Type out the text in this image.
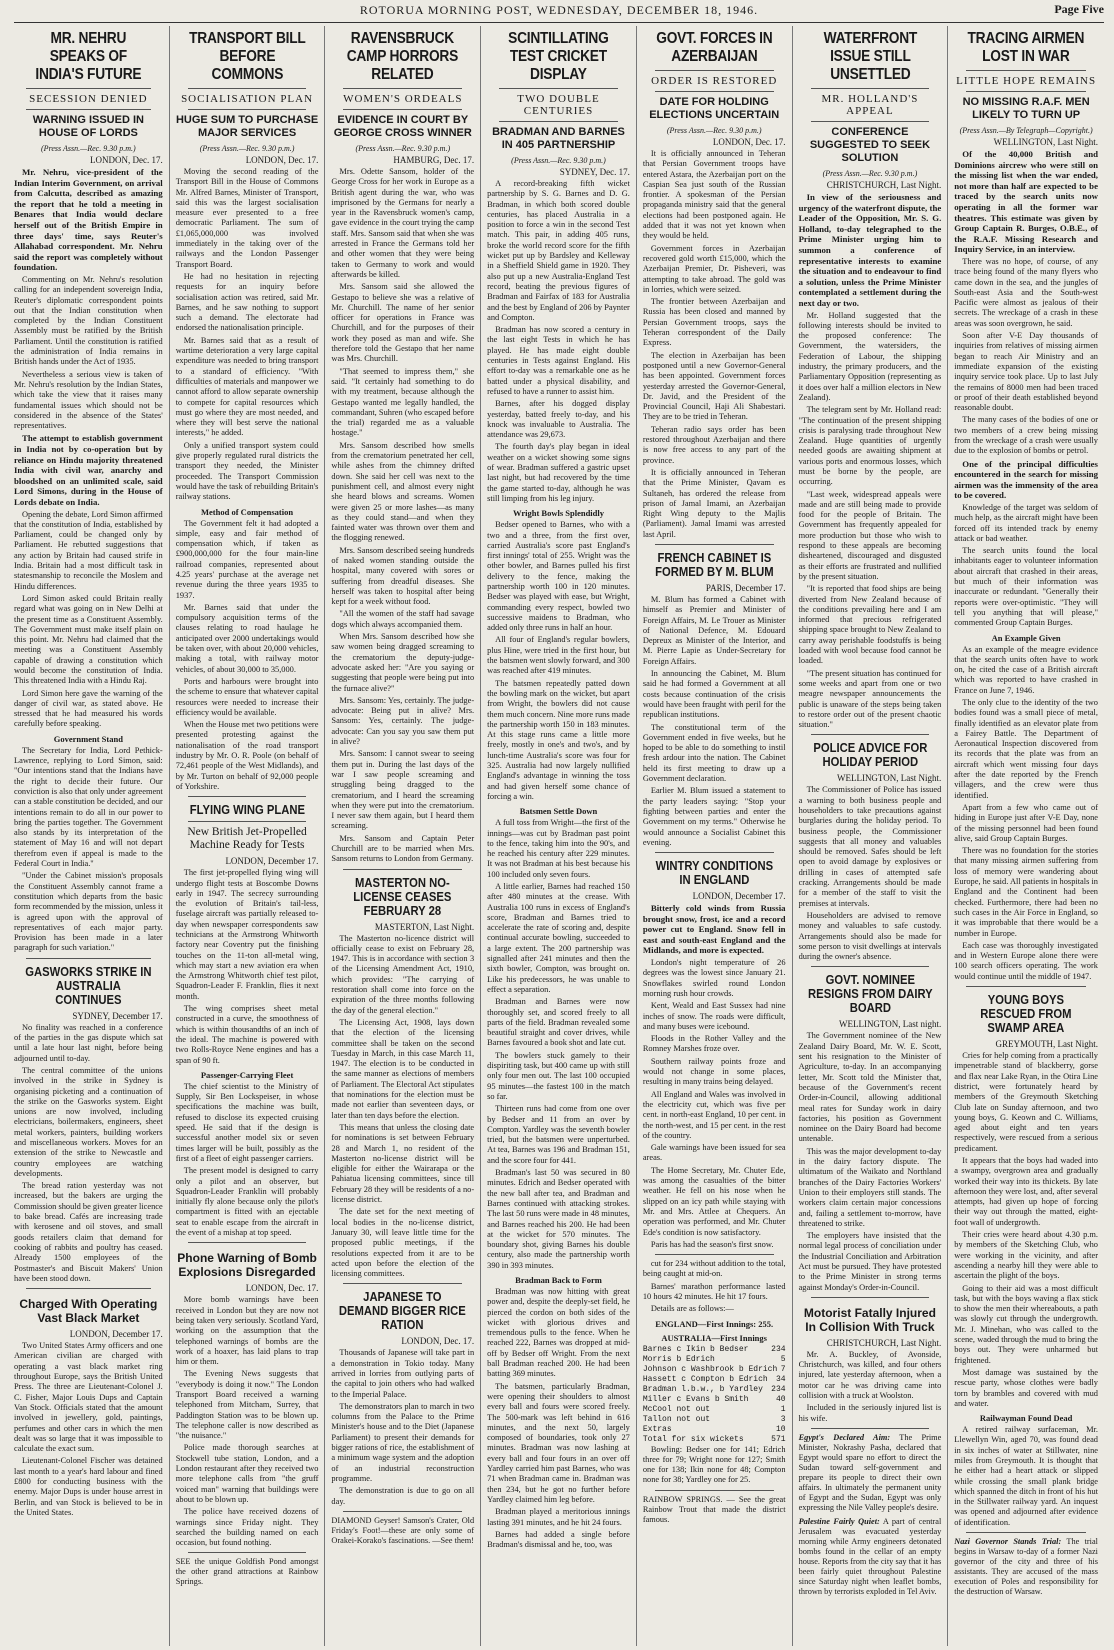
ROTORUA MORNING POST, WEDNESDAY, DECEMBER 18, 1946.	Page Five
MR. NEHRU SPEAKS OF INDIA'S FUTURE
SECESSION DENIED
WARNING ISSUED IN HOUSE OF LORDS
(Press Assn.—Rec. 9.30 p.m.)
LONDON, Dec. 17.

Mr. Nehru, vice-president of the Indian Interim Government, on arrival from Calcutta, described as amazing the report that he told a meeting in Benares that India would declare herself out of the British Empire in three days' time, says Reuter's Allahabad correspondent. Mr. Nehru said the report was completely without foundation.

Commenting on Mr. Nehru's resolution calling for an independent sovereign India, Reuter's diplomatic correspondent points out that the Indian constitution when completed by the Indian Constituent Assembly must be ratified by the British Parliament. Until the constitution is ratified the administration of India remains in British hands under the Act of 1935.

Nevertheless a serious view is taken of Mr. Nehru's resolution by the Indian States, which take the view that it raises many fundamental issues which should not be considered in the absence of the States' representatives.

The attempt to establish government in India not by co-operation but by reliance on Hindu majority threatened India with civil war, anarchy and bloodshed on an unlimited scale, said Lord Simons, during in the House of Lords debate on India.

Opening the debate, Lord Simon affirmed that the constitution of India, established by Parliament, could be changed only by Parliament. He rebutted suggestions that any action by Britain had caused strife in India. Britain had a most difficult task in statesmanship to reconcile the Moslem and Hindu differences.

Lord Simon asked could Britain really regard what was going on in New Delhi at the present time as a Constituent Assembly. The Government must make itself plain on this point. Mr. Nehru had claimed that the meeting was a Constituent Assembly capable of drawing a constitution which would become the constitution of India. This threatened India with a Hindu Raj.

Lord Simon here gave the warning of the danger of civil war, as stated above. He stressed that he had measured his words carefully before speaking.

Government Stand

The Secretary for India, Lord Pethick-Lawrence, replying to Lord Simon, said: "Our intentions stand that the Indians have the right to decide their future. Our conviction is also that only under agreement can a stable constitution be decided, and our intentions remain to do all in our power to bring the parties together. The Government also stands by its interpretation of the statement of May 16 and will not depart therefrom even if appeal is made to the Federal Court in India."

"Under the Cabinet mission's proposals the Constituent Assembly cannot frame a constitution which departs from the basic form recommended by the mission, unless it is agreed upon with the approval of representatives of each major party. Provision has been made in a later paragraph for such variation."

GASWORKS STRIKE IN AUSTRALIA CONTINUES
SYDNEY, December 17.

No finality was reached in a conference of the parties in the gas dispute which sat until a late hour last night, before being adjourned until to-day.

The central committee of the unions involved in the strike in Sydney is organising picketing and a continuation of the strike on the Gasworks system. Eight unions are now involved, including electricians, boilermakers, engineers, sheet metal workers, painters, building workers and miscellaneous workers. Moves for an extension of the strike to Newcastle and country employees are watching developments.

The bread ration yesterday was not increased, but the bakers are urging the Commission should be given greater licence to bake bread. Cafés are increasing trade with kerosene and oil stoves, and small goods retailers claim that demand for cooking of rabbits and poultry has ceased. Already 1500 employees of the Postmaster's and Biscuit Makers' Union have been stood down.

Charged With Operating Vast Black Market
LONDON, December 17.

Two United States Army officers and one American civilian are charged with operating a vast black market ring throughout Europe, says the British United Press. The three are Lieutenant-Colonel J. C. Fisher, Major Louis Dups and Captain Van Stock. Officials stated that the amount involved in jewellery, gold, paintings, perfumes and other cars in which the men dealt was so large that it was impossible to calculate the exact sum.

Lieutenant-Colonel Fischer was detained last month to a year's hard labour and fined £800 for conducting business with the enemy. Major Dups is under house arrest in Berlin, and van Stock is believed to be in the United States.

TRANSPORT BILL BEFORE COMMONS
SOCIALISATION PLAN
HUGE SUM TO PURCHASE MAJOR SERVICES
(Press Assn.—Rec. 9.30 p.m.)
LONDON, Dec. 17.

Moving the second reading of the Transport Bill in the House of Commons Mr. Alfred Barnes, Minister of Transport, said this was the largest socialisation measure ever presented to a free democratic Parliament. The sum of £1,065,000,000 was involved immediately in the taking over of the railways and the London Passenger Transport Board.

He had no hesitation in rejecting requests for an inquiry before socialisation action was retired, said Mr. Barnes, and he saw nothing to support such a demand. The electorate had endorsed the nationalisation principle.

Mr. Barnes said that as a result of wartime deterioration a very large capital expenditure was needed to bring transport to a standard of efficiency. "With difficulties of materials and manpower we cannot afford to allow separate ownership to compete for capital resources which must go where they are most needed, and where they will best serve the national interests," he added.

Only a unified transport system could give properly regulated rural districts the transport they needed, the Minister proceeded. The Transport Commission would have the task of rebuilding Britain's railway stations.

Method of Compensation

The Government felt it had adopted a simple, easy and fair method of compensation which, if taken as £900,000,000 for the four main-line railroad companies, represented about 4.25 years' purchase at the average net revenue during the three years 1935 to 1937.

Mr. Barnes said that under the compulsory acquisition terms of the clauses relating to road haulage he anticipated over 2000 undertakings would be taken over, with about 20,000 vehicles, making a total, with railway motor vehicles, of about 30,000 to 35,000.

Ports and harbours were brought into the scheme to ensure that whatever capital resources were needed to increase their efficiency would be available.

When the House met two petitions were presented protesting against the nationalisation of the road transport industry by Mr. O. R. Poole (on behalf of 72,461 people of the West Midlands), and by Mr. Turton on behalf of 92,000 people of Yorkshire.

FLYING WING PLANE
New British Jet-Propelled Machine Ready for Tests
LONDON, December 17.

The first jet-propelled flying wing will undergo flight tests at Boscombe Downs early in 1947. The secrecy surrounding the evolution of Britain's tail-less, fuselage aircraft was partially released to-day when newspaper correspondents saw technicians at the Armstrong Whitworth factory near Coventry put the finishing touches on the 11-ton all-metal wing, which may start a new aviation era when the Armstrong Whitworth chief test pilot, Squadron-Leader F. Franklin, flies it next month.

The wing comprises sheet metal constructed in a curve, the smoothness of which is within thousandths of an inch of the ideal. The machine is powered with two Rolls-Royce Nene engines and has a span of 90 ft.

Passenger-Carrying Fleet

The chief scientist to the Ministry of Supply, Sir Ben Lockspeiser, in whose specifications the machine was built, refused to disclose its expected cruising speed. He said that if the design is successful another model six or seven times larger will be built, possibly as the first of a fleet of eight passenger carriers.

The present model is designed to carry only a pilot and an observer, but Squadron-Leader Franklin will probably initially fly alone because only the pilot's compartment is fitted with an ejectable seat to enable escape from the aircraft in the event of a mishap at top speed.

Phone Warning of Bomb Explosions Disregarded
LONDON, Dec. 17.

More bomb warnings have been received in London but they are now not being taken very seriously. Scotland Yard, working on the assumption that the telephoned warnings of bombs are the work of a hoaxer, has laid plans to trap him or them.

The Evening News suggests that "everybody is doing it now." The London Transport Board received a warning telephoned from Mitcham, Surrey, that Paddington Station was to be blown up. The telephone caller is now described as "the nuisance."

Police made thorough searches at Stockwell tube station, London, and a London restaurant after they received two more telephone calls from "the gruff voiced man" warning that buildings were about to be blown up.

The police have received dozens of warnings since Friday night. They searched the building named on each occasion, but found nothing.

SEE the unique Goldfish Pond amongst the other grand attractions at Rainbow Springs.

RAVENSBRUCK CAMP HORRORS RELATED
WOMEN'S ORDEALS
EVIDENCE IN COURT BY GEORGE CROSS WINNER
(Press Assn.—Rec. 9.30 p.m.)
HAMBURG, Dec. 17.

Mrs. Odette Sansom, holder of the George Cross for her work in Europe as a British agent during the war, who was imprisoned by the Germans for nearly a year in the Ravensbruck women's camp, gave evidence in the court trying the camp staff. Mrs. Sansom said that when she was arrested in France the Germans told her and other women that they were being taken to Germany to work and would afterwards be killed.

Mrs. Sansom said she allowed the Gestapo to believe she was a relative of Mr. Churchill. The name of her senior officer for operations in France was Churchill, and for the purposes of their work they posed as man and wife. She therefore told the Gestapo that her name was Mrs. Churchill.

"That seemed to impress them," she said. "It certainly had something to do with my treatment, because although the Gestapo wanted me legally handled, the commandant, Suhren (who escaped before the trial) regarded me as a valuable hostage."

Mrs. Sansom described how smells from the crematorium penetrated her cell, while ashes from the chimney drifted down. She said her cell was next to the punishment cell, and almost every night she heard blows and screams. Women were given 25 or more lashes—as many as they could stand—and when they fainted water was thrown over them and the flogging renewed.

Mrs. Sansom described seeing hundreds of naked women standing outside the hospital, many covered with sores or suffering from dreadful diseases. She herself was taken to hospital after being kept for a week without food.

"All the women of the staff had savage dogs which always accompanied them.

When Mrs. Sansom described how she saw women being dragged screaming to the crematorium the deputy-judge-advocate asked her: "Are you saying or suggesting that people were being put into the furnace alive?"

Mrs. Sansom: Yes, certainly. The judge-advocate: Being put in alive? Mrs. Sansom: Yes, certainly. The judge-advocate: Can you say you saw them put in alive?

Mrs. Sansom: I cannot swear to seeing them put in. During the last days of the war I saw people screaming and struggling being dragged to the crematorium, and I heard the screaming when they were put into the crematorium. I never saw them again, but I heard them screaming.

Mrs. Sansom and Captain Peter Churchill are to be married when Mrs. Sansom returns to London from Germany.

MASTERTON NO-LICENSE CEASES FEBRUARY 28
MASTERTON, Last Night.

The Masterton no-licence district will officially cease to exist on February 28, 1947. This is in accordance with section 3 of the Licensing Amendment Act, 1910, which provides: "The carrying of restoration shall come into force on the expiration of the three months following the day of the general election."

The Licensing Act, 1908, lays down that the election of the licensing committee shall be taken on the second Tuesday in March, in this case March 11, 1947. The election is to be conducted in the same manner as elections of members of Parliament. The Electoral Act stipulates that nominations for the election must be made not earlier than seventeen days, or later than ten days before the election.

This means that unless the closing date for nominations is set between February 28 and March 1, no resident of the Masterton no-license district will be eligible for either the Wairarapa or the Pahiatua licensing committees, since till February 28 they will be residents of a no-license district.

The date set for the next meeting of local bodies in the no-license district, January 30, will leave little time for the proposed public meetings, if the resolutions expected from it are to be acted upon before the election of the licensing committees.

JAPANESE TO DEMAND BIGGER RICE RATION
LONDON, Dec. 17.

Thousands of Japanese will take part in a demonstration in Tokio today. Many arrived in lorries from outlying parts of the capital to join others who had walked to the Imperial Palace.

The demonstrators plan to march in two columns from the Palace to the Prime Minister's house and to the Diet (Japanese Parliament) to present their demands for bigger rations of rice, the establishment of a minimum wage system and the adoption of an industrial reconstruction programme.

The demonstration is due to go on all day.

DIAMOND Geyser! Samson's Crater, Old Friday's Foot!—these are only some of Orakei-Korako's fascinations. —See them!

SCINTILLATING TEST CRICKET DISPLAY
TWO DOUBLE CENTURIES
BRADMAN AND BARNES IN 405 PARTNERSHIP
(Press Assn.—Rec. 9.30 p.m.)
SYDNEY, Dec. 17.

A record-breaking fifth wicket partnership by S. G. Barnes and D. G. Bradman, in which both scored double centuries, has placed Australia in a position to force a win in the second Test match. This pair, in adding 405 runs, broke the world record score for the fifth wicket put up by Bardsley and Kelleway in a Sheffield Shield game in 1920. They also put up a new Australia-England Test record, beating the previous figures of Bradman and Fairfax of 183 for Australia and the best by England of 206 by Paynter and Compton.

Bradman has now scored a century in the last eight Tests in which he has played. He has made eight double centuries in Tests against England. His effort to-day was a remarkable one as he batted under a physical disability, and refused to have a runner to assist him.

Barnes, after his dogged display yesterday, batted freely to-day, and his knock was invaluable to Australia. The attendance was 29,673.

The fourth day's play began in ideal weather on a wicket showing some signs of wear. Bradman suffered a gastric upset last night, but had recovered by the time the game started to-day, although he was still limping from his leg injury.

Wright Bowls Splendidly

Bedser opened to Barnes, who with a two and a three, from the first over, carried Australia's score past England's first innings' total of 255. Wright was the other bowler, and Barnes pulled his first delivery to the fence, making the partnership worth 100 in 120 minutes. Bedser was played with ease, but Wright, commanding every respect, bowled two successive maidens to Bradman, who added only three runs in half an hour.

All four of England's regular bowlers, plus Hine, were tried in the first hour, but the batsmen went slowly forward, and 300 was reached after 419 minutes.

The batsmen repeatedly patted down the bowling mark on the wicket, but apart from Wright, the bowlers did not cause them much concern. Nine more runs made the partnership worth 150 in 183 minutes. At this stage runs came a little more freely, mostly in one's and two's, and by lunch-time Australia's score was four for 325. Australia had now largely nullified England's advantage in winning the toss and had given herself some chance of forcing a win.

Batsmen Settle Down

A full toss from Wright—the first of the innings—was cut by Bradman past point to the fence, taking him into the 90's, and he reached his century after 229 minutes. It was not Bradman at his best because his 100 included only seven fours.

A little earlier, Barnes had reached 150 after 480 minutes at the crease. With Australia 100 runs in excess of England's score, Bradman and Barnes tried to accelerate the rate of scoring and, despite continual accurate bowling, succeeded to a large extent. The 200 partnership was signalled after 241 minutes and then the sixth bowler, Compton, was brought on. Like his predecessors, he was unable to effect a separation.

Bradman and Barnes were now thoroughly set, and scored freely to all parts of the field. Bradman revealed some beautiful straight and cover drives, while Barnes favoured a book shot and late cut.

The bowlers stuck gamely to their dispiriting task, but 400 came up with still only four men out. The last 100 occupied 95 minutes—the fastest 100 in the match so far.

Thirteen runs had come from one over by Bedser and 11 from an over by Compton. Yardley was the seventh bowler tried, but the batsmen were unperturbed. At tea, Barnes was 196 and Bradman 151, and the score four for 441.

Bradman's last 50 was secured in 80 minutes. Edrich and Bedser operated with the new ball after tea, and Bradman and Barnes continued with attacking strokes. The last 50 runs were made in 48 minutes, and Barnes reached his 200. He had been at the wicket for 570 minutes. The boundary shot, giving Barnes his double century, also made the partnership worth 390 in 393 minutes.

Bradman Back to Form

Bradman was now hitting with great power and, despite the deeply-set field, he pierced the cordon on both sides of the wicket with glorious drives and tremendous pulls to the fence. When he reached 222, Barnes was dropped at mid-off by Bedser off Wright. From the next ball Bradman reached 200. He had been batting 369 minutes.

The batsmen, particularly Bradman, were opening their shoulders to almost every ball and fours were scored freely. The 500-mark was left behind in 616 minutes, and the next 50, largely composed of boundaries, took only 27 minutes. Bradman was now lashing at every ball and four fours in an over off Yardley carried him past Barnes, who was 71 when Bradman came in. Bradman was then 234, but he got no further before Yardley claimed him leg before.

Bradman played a meritorious innings lasting 391 minutes, and he hit 24 fours.

Barnes had added a single before Bradman's dismissal and he, too, was

GOVT. FORCES IN AZERBAIJAN
ORDER IS RESTORED
DATE FOR HOLDING ELECTIONS UNCERTAIN
(Press Assn.—Rec. 9.30 p.m.)
LONDON, Dec. 17.

It is officially announced in Teheran that Persian Government troops have entered Astara, the Azerbaijan port on the Caspian Sea just south of the Russian frontier. A spokesman of the Persian propaganda ministry said that the general elections had been postponed again. He added that it was not yet known when they would be held.

Government forces in Azerbaijan recovered gold worth £15,000, which the Azerbaijan Premier, Dr. Pisheveri, was attempting to take abroad. The gold was in lorries, which were seized.

The frontier between Azerbaijan and Russia has been closed and manned by Persian Government troops, says the Teheran correspondent of the Daily Express.

The election in Azerbaijan has been postponed until a new Governor-General has been appointed. Government forces yesterday arrested the Governor-General, Dr. Javid, and the President of the Provincial Council, Haji Ali Shabestari. They are to be tried in Teheran.

Teheran radio says order has been restored throughout Azerbaijan and there is now free access to any part of the province.

It is officially announced in Teheran that the Prime Minister, Qavam es Sultaneh, has ordered the release from prison of Jamal Imami, an Azerbaijan Right Wing deputy to the Majlis (Parliament). Jamal Imami was arrested last April.

FRENCH CABINET IS FORMED BY M. BLUM
PARIS, December 17.

M. Blum has formed a Cabinet with himself as Premier and Minister of Foreign Affairs, M. Le Trouer as Minister of National Defence, M. Edouard Depreux as Minister of the Interior, and M. Pierre Lapie as Under-Secretary for Foreign Affairs.

In announcing the Cabinet, M. Blum said he had formed a Government at all costs because continuation of the crisis would have been fraught with peril for the republican institutions.

The constitutional term of the Government ended in five weeks, but he hoped to be able to do something to instil fresh ardour into the nation. The Cabinet held its first meeting to draw up a Government declaration.

Earlier M. Blum issued a statement to the party leaders saying: "Stop your fighting between parties and enter the Government on my terms." Otherwise he would announce a Socialist Cabinet this evening.

WINTRY CONDITIONS IN ENGLAND
LONDON, December 17.

Bitterly cold winds from Russia brought snow, frost, ice and a record power cut to England. Snow fell in east and south-east England and the Midlands, and more is expected.

London's night temperature of 26 degrees was the lowest since January 21. Snowflakes swirled round London morning rush hour crowds.

Kent, Weald and East Sussex had nine inches of snow. The roads were difficult, and many buses were icebound.

Floods in the Rother Valley and the Romney Marshes froze over.

Southern railway points froze and would not change in some places, resulting in many trains being delayed.

All England and Wales was involved in the electricity cut, which was five per cent. in north-east England, 10 per cent. in the north-west, and 15 per cent. in the rest of the country.

Gale warnings have been issued for sea areas.

The Home Secretary, Mr. Chuter Ede, was among the casualties of the bitter weather. He fell on his nose when he slipped on an icy path while staying with Mr. and Mrs. Attlee at Chequers. An operation was performed, and Mr. Chuter Ede's condition is now satisfactory.

Paris has had the season's first snow.

cut for 234 without addition to the total, being caught at mid-on.

Barnes' marathon performance lasted 10 hours 42 minutes. He hit 17 fours.

Details are as follows:—

ENGLAND—First Innings: 255.
AUSTRALIA—First Innings
Barnes c Ikin b Bedser	234
Morris b Edrich	5
Johnson c Washbrook b Edrich 7
Hassett c Compton b Edrich 34
Bradman l.b.w., b Yardley 234
Miller c Evans b Smith	40
McCool not out	1
Tallon not out	3
Extras	10
Total for six wickets	571

Bowling: Bedser one for 141; Edrich three for 79; Wright none for 127; Smith one for 138; Ikin none for 48; Compton none for 38; Yardley one for 25.

RAINBOW SPRINGS. — See the great Rainbow Trout that made the district famous.

WATERFRONT ISSUE STILL UNSETTLED
MR. HOLLAND'S APPEAL
CONFERENCE SUGGESTED TO SEEK SOLUTION
(Press Assn.—Rec. 9.30 p.m.)
CHRISTCHURCH, Last Night.

In view of the seriousness and urgency of the waterfront dispute, the Leader of the Opposition, Mr. S. G. Holland, to-day telegraphed to the Prime Minister urging him to summon a conference of representative interests to examine the situation and to endeavour to find a solution, unless the Prime Minister contemplated a settlement during the next day or two.

Mr. Holland suggested that the following interests should be invited to the proposed conference: The Government, the watersiders, the Federation of Labour, the shipping industry, the primary producers, and the Parliamentary Opposition (representing as it does over half a million electors in New Zealand).

The telegram sent by Mr. Holland read: "The continuation of the present shipping crisis is paralysing trade throughout New Zealand. Huge quantities of urgently needed goods are awaiting shipment at various ports and enormous losses, which must be borne by the people, are occurring.

"Last week, widespread appeals were made and are still being made to provide food for the people of Britain. The Government has frequently appealed for more production but those who wish to respond to these appeals are becoming disheartened, discouraged and disgusted as their efforts are frustrated and nullified by the present situation.

"It is reported that food ships are being diverted from New Zealand because of the conditions prevailing here and I am informed that precious refrigerated shipping space brought to New Zealand to carry away perishable foodstuffs is being loaded with wool because food cannot be loaded.

"The present situation has continued for some weeks and apart from one or two meagre newspaper announcements the public is unaware of the steps being taken to restore order out of the present chaotic situation."

POLICE ADVICE FOR HOLIDAY PERIOD
WELLINGTON, Last Night.

The Commissioner of Police has issued a warning to both business people and householders to take precautions against burglaries during the holiday period. To business people, the Commissioner suggests that all money and valuables should be removed. Safes should be left open to avoid damage by explosives or drilling in cases of attempted safe cracking. Arrangements should be made for a member of the staff to visit the premises at intervals.

Householders are advised to remove money and valuables to safe custody. Arrangements should also be made for some person to visit dwellings at intervals during the owner's absence.

GOVT. NOMINEE RESIGNS FROM DAIRY BOARD
WELLINGTON, Last night.

The Government nominee of the New Zealand Dairy Board, Mr. W. E. Scott, sent his resignation to the Minister of Agriculture, to-day. In an accompanying letter, Mr. Scott told the Minister that, because of the Government's recent Order-in-Council, allowing additional meal rates for Sunday work in dairy factories, his position as Government nominee on the Dairy Board had become untenable.

This was the major development to-day in the dairy factory dispute. The ultimatum of the Waikato and Northland branches of the Dairy Factories Workers' Union to their employers still stands. The workers claim certain major concessions and, failing a settlement to-morrow, have threatened to strike.

The employers have insisted that the normal legal process of conciliation under the Industrial Conciliation and Arbitration Act must be pursued. They have protested to the Prime Minister in strong terms against Monday's Order-in-Council.

Motorist Fatally Injured In Collision With Truck
CHRISTCHURCH, Last Night.

Mr. A. Buckley, of Avonside, Christchurch, was killed, and four others injured, late yesterday afternoon, when a motor car he was driving came into collision with a truck at Woolston.

Included in the seriously injured list is his wife.

Egypt's Declared Aim: The Prime Minister, Nokrashy Pasha, declared that Egypt would spare no effort to direct the Sudan toward self-government and prepare its people to direct their own affairs. In ultimately the permanent unity of Egypt and the Sudan, Egypt was only expressing the Nile Valley people's desire.

Palestine Fairly Quiet: A part of central Jerusalem was evacuated yesterday morning while Army engineers detonated bombs found in the cellar of an empty house. Reports from the city say that it has been fairly quiet throughout Palestine since Saturday night when leaflet bombs, thrown by terrorists exploded in Tel Aviv.

TRACING AIRMEN LOST IN WAR
LITTLE HOPE REMAINS
NO MISSING R.A.F. MEN LIKELY TO TURN UP
(Press Assn.—By Telegraph—Copyright.)
WELLINGTON, Last Night.

Of the 40,000 British and Dominions aircrew who were still on the missing list when the war ended, not more than half are expected to be traced by the search units now operating in all the former war theatres. This estimate was given by Group Captain R. Burges, O.B.E., of the R.A.F. Missing Research and Inquiry Service, in an interview.

There was no hope, of course, of any trace being found of the many flyers who came down in the sea, and the jungles of South-east Asia and the South-west Pacific were almost as jealous of their secrets. The wreckage of a crash in these areas was soon overgrown, he said.

Soon after V-E Day thousands of inquiries from relatives of missing airmen began to reach Air Ministry and an immediate expansion of the existing inquiry service took place. Up to last July the remains of 8000 men had been traced or proof of their death established beyond reasonable doubt.

The many cases of the bodies of one or two members of a crew being missing from the wreckage of a crash were usually due to the explosion of bombs or petrol.

One of the principal difficulties encountered in the search for missing airmen was the immensity of the area to be covered.

Knowledge of the target was seldom of much help, as the aircraft might have been forced off its intended track by enemy attack or bad weather.

The search units found the local inhabitants eager to volunteer information about aircraft that crashed in their areas, but much of their information was inaccurate or redundant. "Generally their reports were over-optimistic. "They will tell you anything that will please," commented Group Captain Burges.

An Example Given

As an example of the meagre evidence that the search units often have to work on, he cited the case of a British aircraft which was reported to have crashed in France on June 7, 1946.

The only clue to the identity of the two bodies found was a small piece of metal, finally identified as an elevator plate from a Fairey Battle. The Department of Aeronautical Inspection discovered from its records that the plate was from an aircraft which went missing four days after the date reported by the French villagers, and the crew were thus identified.

Apart from a few who came out of hiding in Europe just after V-E Day, none of the missing personnel had been found alive, said Group Captain Burges.

There was no foundation for the stories that many missing airmen suffering from loss of memory were wandering about Europe, he said. All patients in hospitals in England and the Continent had been checked. Furthermore, there had been no such cases in the Air Force in England, so it was improbable that there would be a number in Europe.

Each case was thoroughly investigated and in Western Europe alone there were 100 search officers operating. The work would continue until the middle of 1947.

YOUNG BOYS RESCUED FROM SWAMP AREA
GREYMOUTH, Last Night.

Cries for help coming from a practically impenetrable stand of blackberry, gorse and flax near Lake Ryan, in the Otira Line district, were fortunately heard by members of the Greymouth Sketching Club late on Sunday afternoon, and two young boys, G. Keown and C. Williams, aged about eight and ten years respectively, were rescued from a serious predicament.

It appears that the boys had waded into a swampy, overgrown area and gradually worked their way into its thickets. By late afternoon they were lost, and, after several attempts, had given up hope of forcing their way out through the matted, eight-foot wall of undergrowth.

Their cries were heard about 4.30 p.m. by members of the Sketching Club, who were working in the vicinity, and after ascending a nearby hill they were able to ascertain the plight of the boys.

Going to their aid was a most difficult task, but with the boys waving a flax stick to show the men their whereabouts, a path was slowly cut through the undergrowth. Mr. J. Minehan, who was called to the scene, waded through the mud to bring the boys out. They were unharmed but frightened.

Most damage was sustained by the rescue party, whose clothes were badly torn by brambles and covered with mud and water.

Railwayman Found Dead

A retired railway surfaceman, Mr. Llewellyn Win, aged 70, was found dead in six inches of water at Stillwater, nine miles from Greymouth. It is thought that he either had a heart attack or slipped while crossing the small plank bridge which spanned the ditch in front of his hut in the Stillwater railway yard. An inquest was opened and adjourned after evidence of identification.

Nazi Governor Stands Trial: The trial begins in Warsaw to-day of a former Nazi governor of the city and three of his assistants. They are accused of the mass execution of Poles and responsibility for the destruction of Warsaw.
